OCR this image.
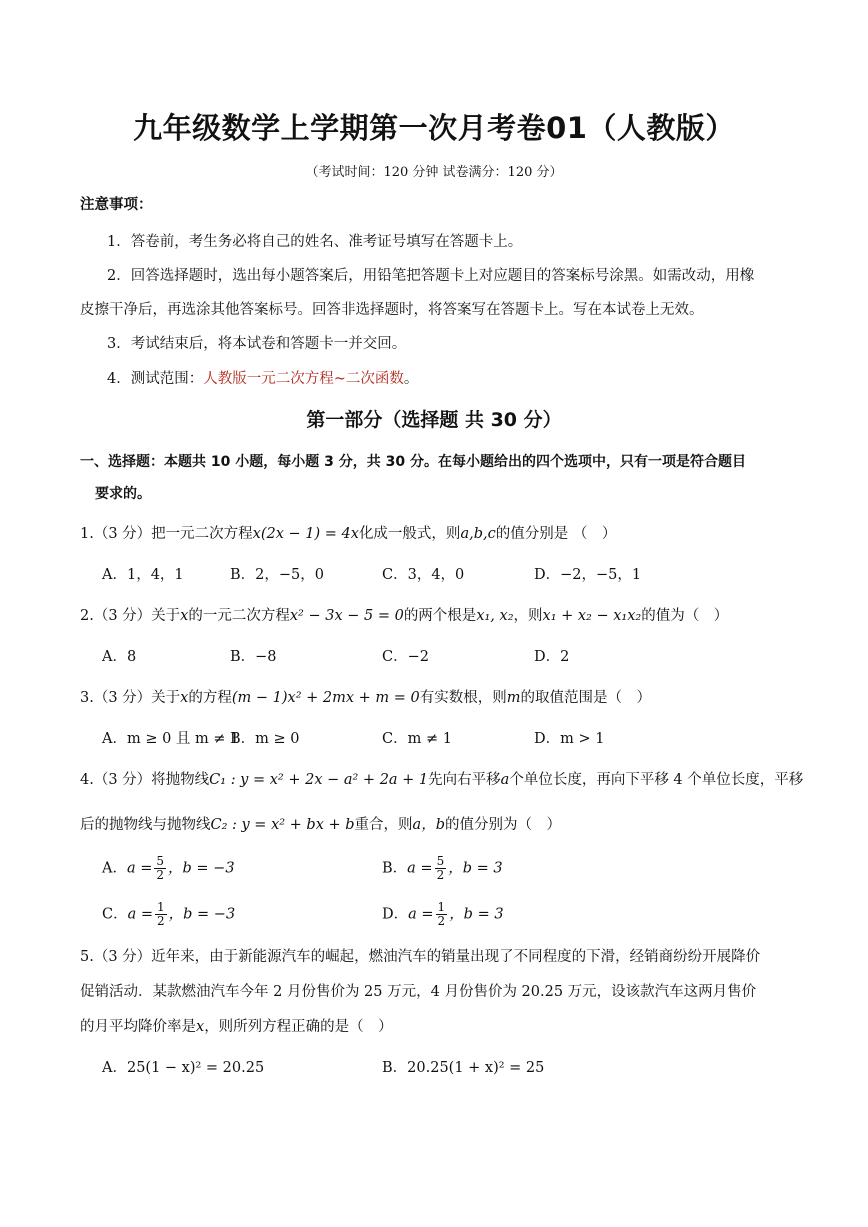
九年级数学上学期第一次月考卷01（人教版）
（考试时间：120 分钟 试卷满分：120 分）
注意事项：
1．答卷前，考生务必将自己的姓名、准考证号填写在答题卡上。
2．回答选择题时，选出每小题答案后，用铅笔把答题卡上对应题目的答案标号涂黑。如需改动，用橡
皮擦干净后，再选涂其他答案标号。回答非选择题时，将答案写在答题卡上。写在本试卷上无效。
3．考试结束后，将本试卷和答题卡一并交回。
4．测试范围：人教版一元二次方程~二次函数。
第一部分（选择题 共 30 分）
一、选择题：本题共 10 小题，每小题 3 分，共 30 分。在每小题给出的四个选项中，只有一项是符合题目
要求的。
1.（3 分）把一元二次方程x(2x − 1) = 4x化成一般式，则a,b,c的值分别是 （　）
A．1，4，1	B．2，−5，0	C．3，4，0	D．−2，−5，1
2.（3 分）关于x的一元二次方程x² − 3x − 5 = 0的两个根是x₁, x₂，则x₁ + x₂ − x₁x₂的值为（　）
A．8	B．−8	C．−2	D．2
3.（3 分）关于x的方程(m − 1)x² + 2mx + m = 0有实数根，则m的取值范围是（　）
A．m ≥ 0 且 m ≠ 1
B．m ≥ 0	C．m ≠ 1	D．m > 1
4.（3 分）将抛物线C₁ : y = x² + 2x − a² + 2a + 1先向右平移a个单位长度，再向下平移 4 个单位长度，平移
后的抛物线与抛物线C₂ : y = x² + bx + b重合，则a，b的值分别为（　）
A．$a = \frac{5}{2}$ ，b = −3	B．$a = \frac{5}{2}$ ，b = 3
C．$a = \frac{1}{2}$ ，b = −3	D．$a = \frac{1}{2}$ ，b = 3
5.（3 分）近年来，由于新能源汽车的崛起，燃油汽车的销量出现了不同程度的下滑，经销商纷纷开展降价
促销活动．某款燃油汽车今年 2 月份售价为 25 万元，4 月份售价为 20.25 万元，设该款汽车这两月售价
的月平均降价率是x，则所列方程正确的是（　）
A．25(1 − x)² = 20.25	B．20.25(1 + x)² = 25
